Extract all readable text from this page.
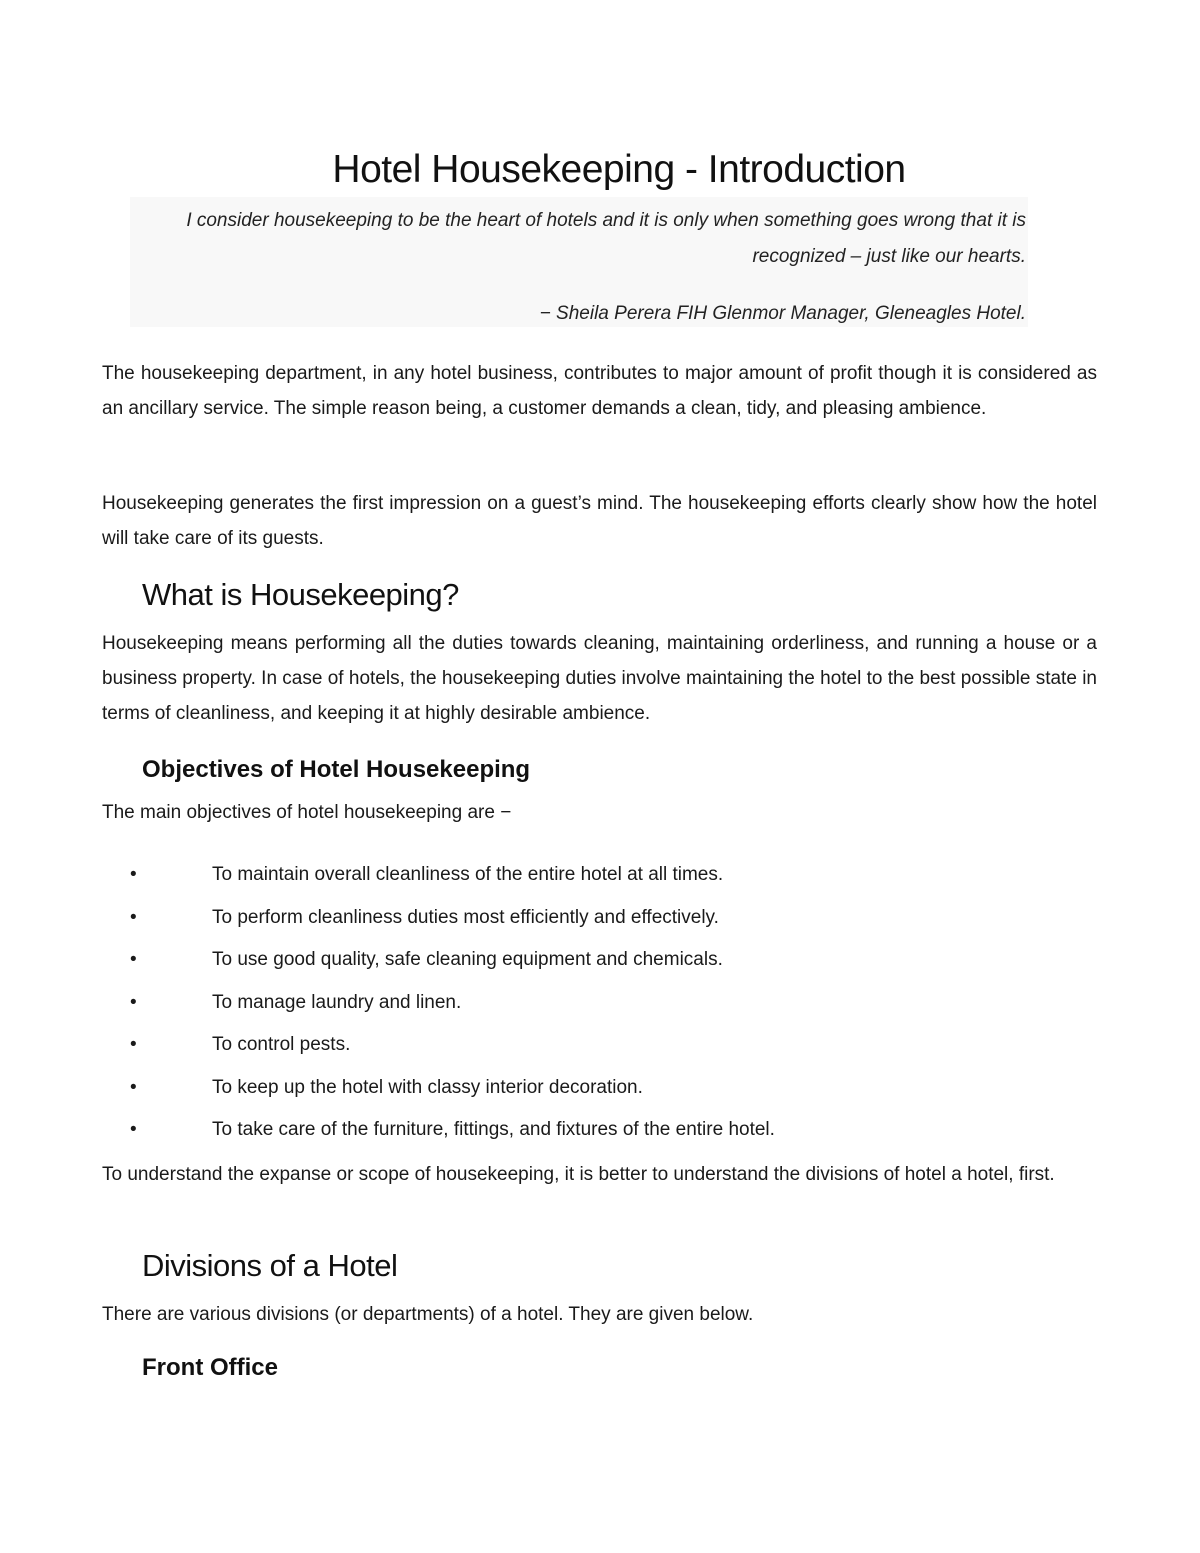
Hotel Housekeeping - Introduction

I consider housekeeping to be the heart of hotels and it is only when something goes wrong that it is recognized – just like our hearts.

− Sheila Perera FIH Glenmor Manager, Gleneagles Hotel.

The housekeeping department, in any hotel business, contributes to major amount of profit though it is considered as an ancillary service. The simple reason being, a customer demands a clean, tidy, and pleasing ambience.

Housekeeping generates the first impression on a guest’s mind. The housekeeping efforts clearly show how the hotel will take care of its guests.

What is Housekeeping?

Housekeeping means performing all the duties towards cleaning, maintaining orderliness, and running a house or a business property. In case of hotels, the housekeeping duties involve maintaining the hotel to the best possible state in terms of cleanliness, and keeping it at highly desirable ambience.

Objectives of Hotel Housekeeping

The main objectives of hotel housekeeping are −

•	To maintain overall cleanliness of the entire hotel at all times.
•	To perform cleanliness duties most efficiently and effectively.
•	To use good quality, safe cleaning equipment and chemicals.
•	To manage laundry and linen.
•	To control pests.
•	To keep up the hotel with classy interior decoration.
•	To take care of the furniture, fittings, and fixtures of the entire hotel.

To understand the expanse or scope of housekeeping, it is better to understand the divisions of hotel a hotel, first.

Divisions of a Hotel

There are various divisions (or departments) of a hotel. They are given below.

Front Office
